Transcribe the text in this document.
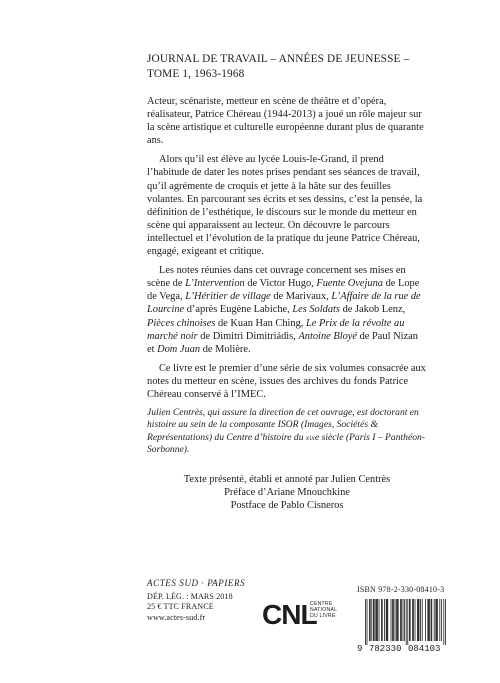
JOURNAL DE TRAVAIL – ANNÉES DE JEUNESSE –
TOME 1, 1963-1968

Acteur, scénariste, metteur en scène de théâtre et d’opéra, réalisateur, Patrice Chéreau (1944-2013) a joué un rôle majeur sur la scène artistique et culturelle européenne durant plus de quarante ans.

Alors qu’il est élève au lycée Louis-le-Grand, il prend l’habitude de dater les notes prises pendant ses séances de travail, qu’il agrémente de croquis et jette à la hâte sur des feuilles volantes. En parcourant ses écrits et ses dessins, c’est la pensée, la définition de l’esthétique, le discours sur le monde du metteur en scène qui apparaissent au lecteur. On découvre le parcours intellectuel et l’évolution de la pratique du jeune Patrice Chéreau, engagé, exigeant et critique.

Les notes réunies dans cet ouvrage concernent ses mises en scène de L’Intervention de Victor Hugo, Fuente Ovejuna de Lope de Vega, L’Héritier de village de Marivaux, L’Affaire de la rue de Lourcine d’après Eugène Labiche, Les Soldats de Jakob Lenz, Pièces chinoises de Kuan Han Ching, Le Prix de la révolte au marché noir de Dimitri Dimitriádis, Antoine Bloyé de Paul Nizan et Dom Juan de Molière.

Ce livre est le premier d’une série de six volumes consacrée aux notes du metteur en scène, issues des archives du fonds Patrice Chéreau conservé à l’IMEC.

Julien Centrès, qui assure la direction de cet ouvrage, est doctorant en histoire au sein de la composante ISOR (Images, Sociétés & Représentations) du Centre d’histoire du xixe siècle (Paris I – Panthéon-Sorbonne).

Texte présenté, établi et annoté par Julien Centrès
Préface d’Ariane Mnouchkine
Postface de Pablo Cisneros
ACTES SUD · PAPIERS
DÉP. LÉG. : MARS 2018
25 € TTC FRANCE
www.actes-sud.fr	CNL
CENTRE
NATIONAL
DU LIVRE
ISBN 978-2-330-08410-3
9 782330 084103
